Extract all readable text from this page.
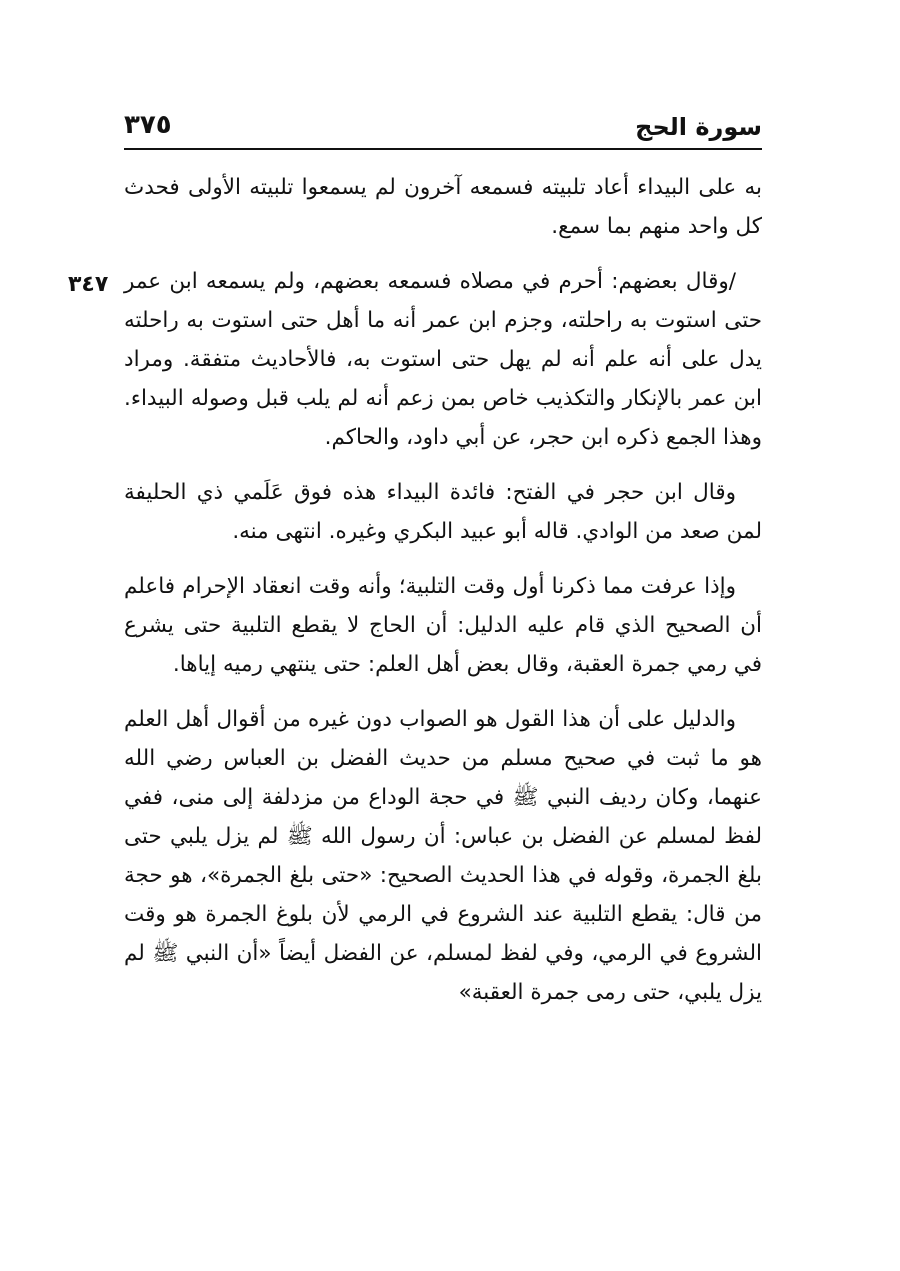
سورة الحج
٣٧٥
٣٤٧

به على البيداء أعاد تلبيته فسمعه آخرون لم يسمعوا تلبيته الأولى فحدث كل واحد منهم بما سمع.

/وقال بعضهم: أحرم في مصلاه فسمعه بعضهم، ولم يسمعه ابن عمر حتى استوت به راحلته، وجزم ابن عمر أنه ما أهل حتى استوت به راحلته يدل على أنه علم أنه لم يهل حتى استوت به، فالأحاديث متفقة. ومراد ابن عمر بالإنكار والتكذيب خاص بمن زعم أنه لم يلب قبل وصوله البيداء. وهذا الجمع ذكره ابن حجر، عن أبي داود، والحاكم.

وقال ابن حجر في الفتح: فائدة البيداء هذه فوق عَلَمي ذي الحليفة لمن صعد من الوادي. قاله أبو عبيد البكري وغيره. انتهى منه.

وإذا عرفت مما ذكرنا أول وقت التلبية؛ وأنه وقت انعقاد الإحرام فاعلم أن الصحيح الذي قام عليه الدليل: أن الحاج لا يقطع التلبية حتى يشرع في رمي جمرة العقبة، وقال بعض أهل العلم: حتى ينتهي رميه إياها.

والدليل على أن هذا القول هو الصواب دون غيره من أقوال أهل العلم هو ما ثبت في صحيح مسلم من حديث الفضل بن العباس رضي الله عنهما، وكان رديف النبي ﷺ في حجة الوداع من مزدلفة إلى منى، ففي لفظ لمسلم عن الفضل بن عباس: أن رسول الله ﷺ لم يزل يلبي حتى بلغ الجمرة، وقوله في هذا الحديث الصحيح: «حتى بلغ الجمرة»، هو حجة من قال: يقطع التلبية عند الشروع في الرمي لأن بلوغ الجمرة هو وقت الشروع في الرمي، وفي لفظ لمسلم، عن الفضل أيضاً «أن النبي ﷺ لم يزل يلبي، حتى رمى جمرة العقبة»
